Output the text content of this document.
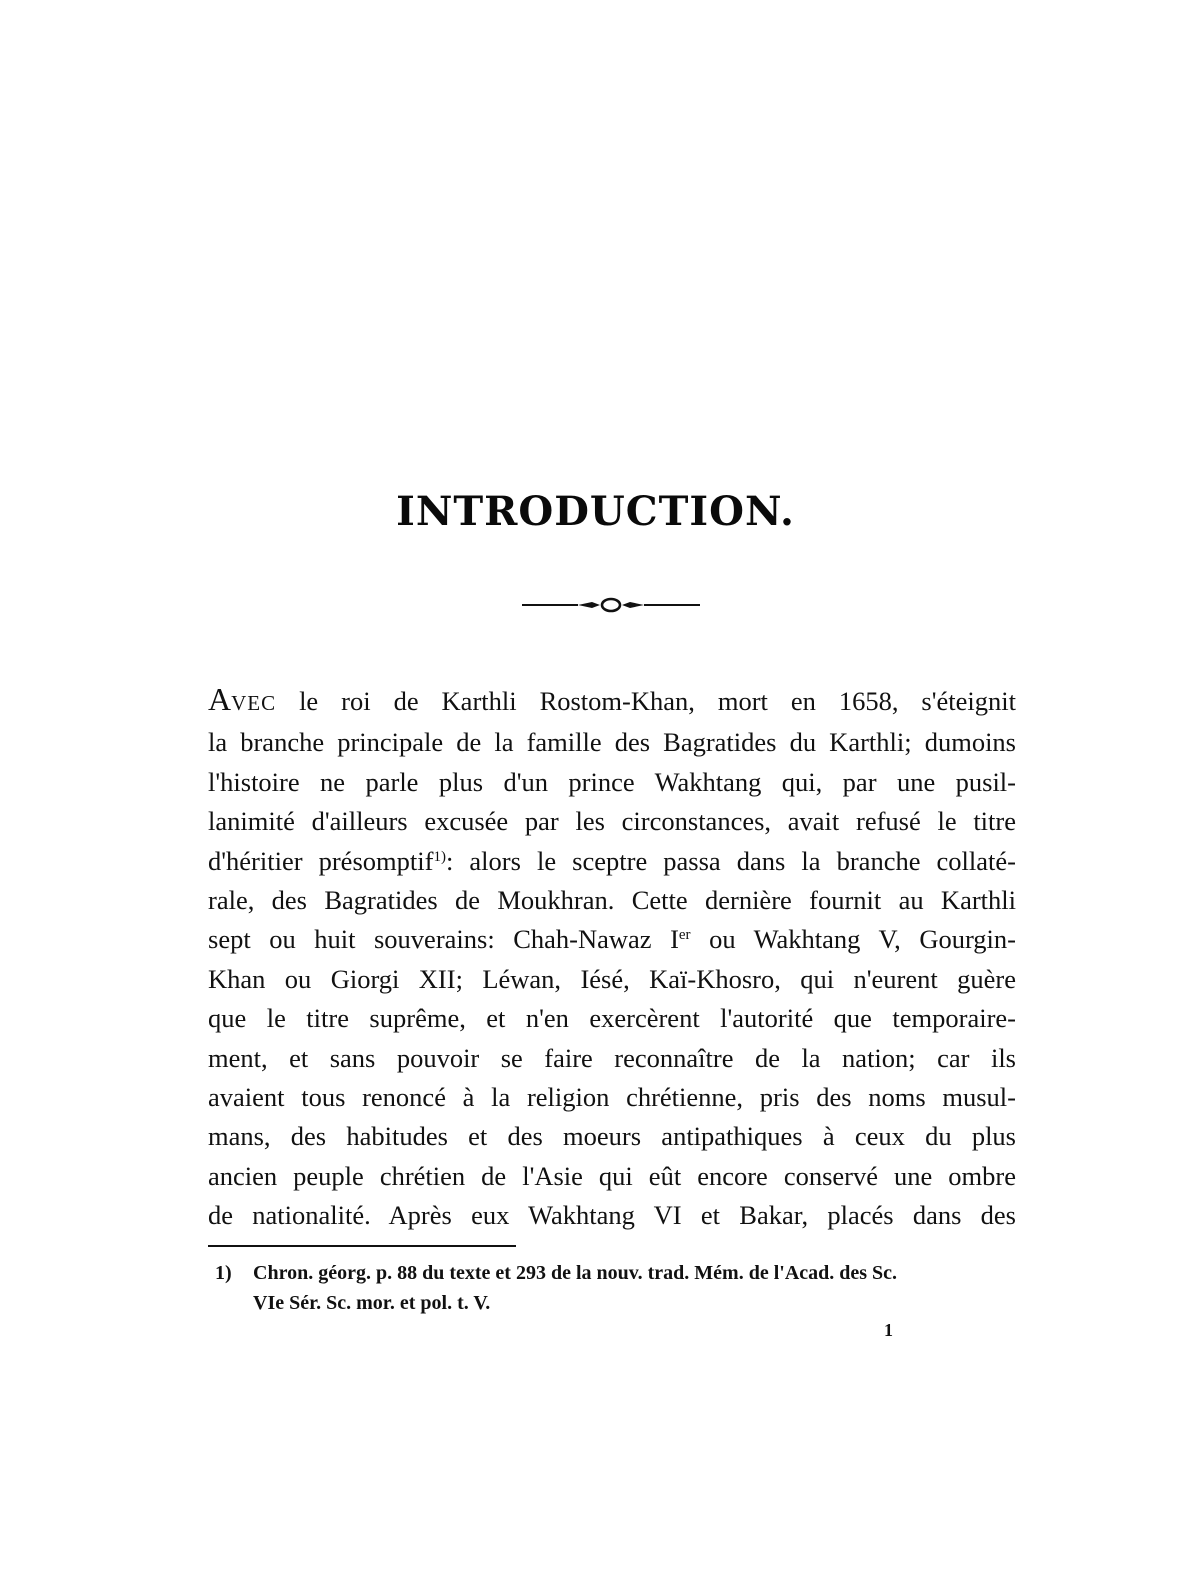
INTRODUCTION.
AVEC le roi de Karthli Rostom-Khan, mort en 1658, s'éteignit
la branche principale de la famille des Bagratides du Karthli; dumoins
l'histoire ne parle plus d'un prince Wakhtang qui, par une pusil-
lanimité d'ailleurs excusée par les circonstances, avait refusé le titre
d'héritier présomptif$^{1)}$: alors le sceptre passa dans la branche collaté-
rale, des Bagratides de Moukhran. Cette dernière fournit au Karthli
sept ou huit souverains: Chah-Nawaz Ier ou Wakhtang V, Gourgin-
Khan ou Giorgi XII; Léwan, Iésé, Kaï-Khosro, qui n'eurent guère
que le titre suprême, et n'en exercèrent l'autorité que temporaire-
ment, et sans pouvoir se faire reconnaître de la nation; car ils
avaient tous renoncé à la religion chrétienne, pris des noms musul-
mans, des habitudes et des moeurs antipathiques à ceux du plus
ancien peuple chrétien de l'Asie qui eût encore conservé une ombre
de nationalité. Après eux Wakhtang VI et Bakar, placés dans des
1) Chron. géorg. p. 88 du texte et 293 de la nouv. trad. Mém. de l'Acad. des Sc.
VIe Sér. Sc. mor. et pol. t. V.
1
